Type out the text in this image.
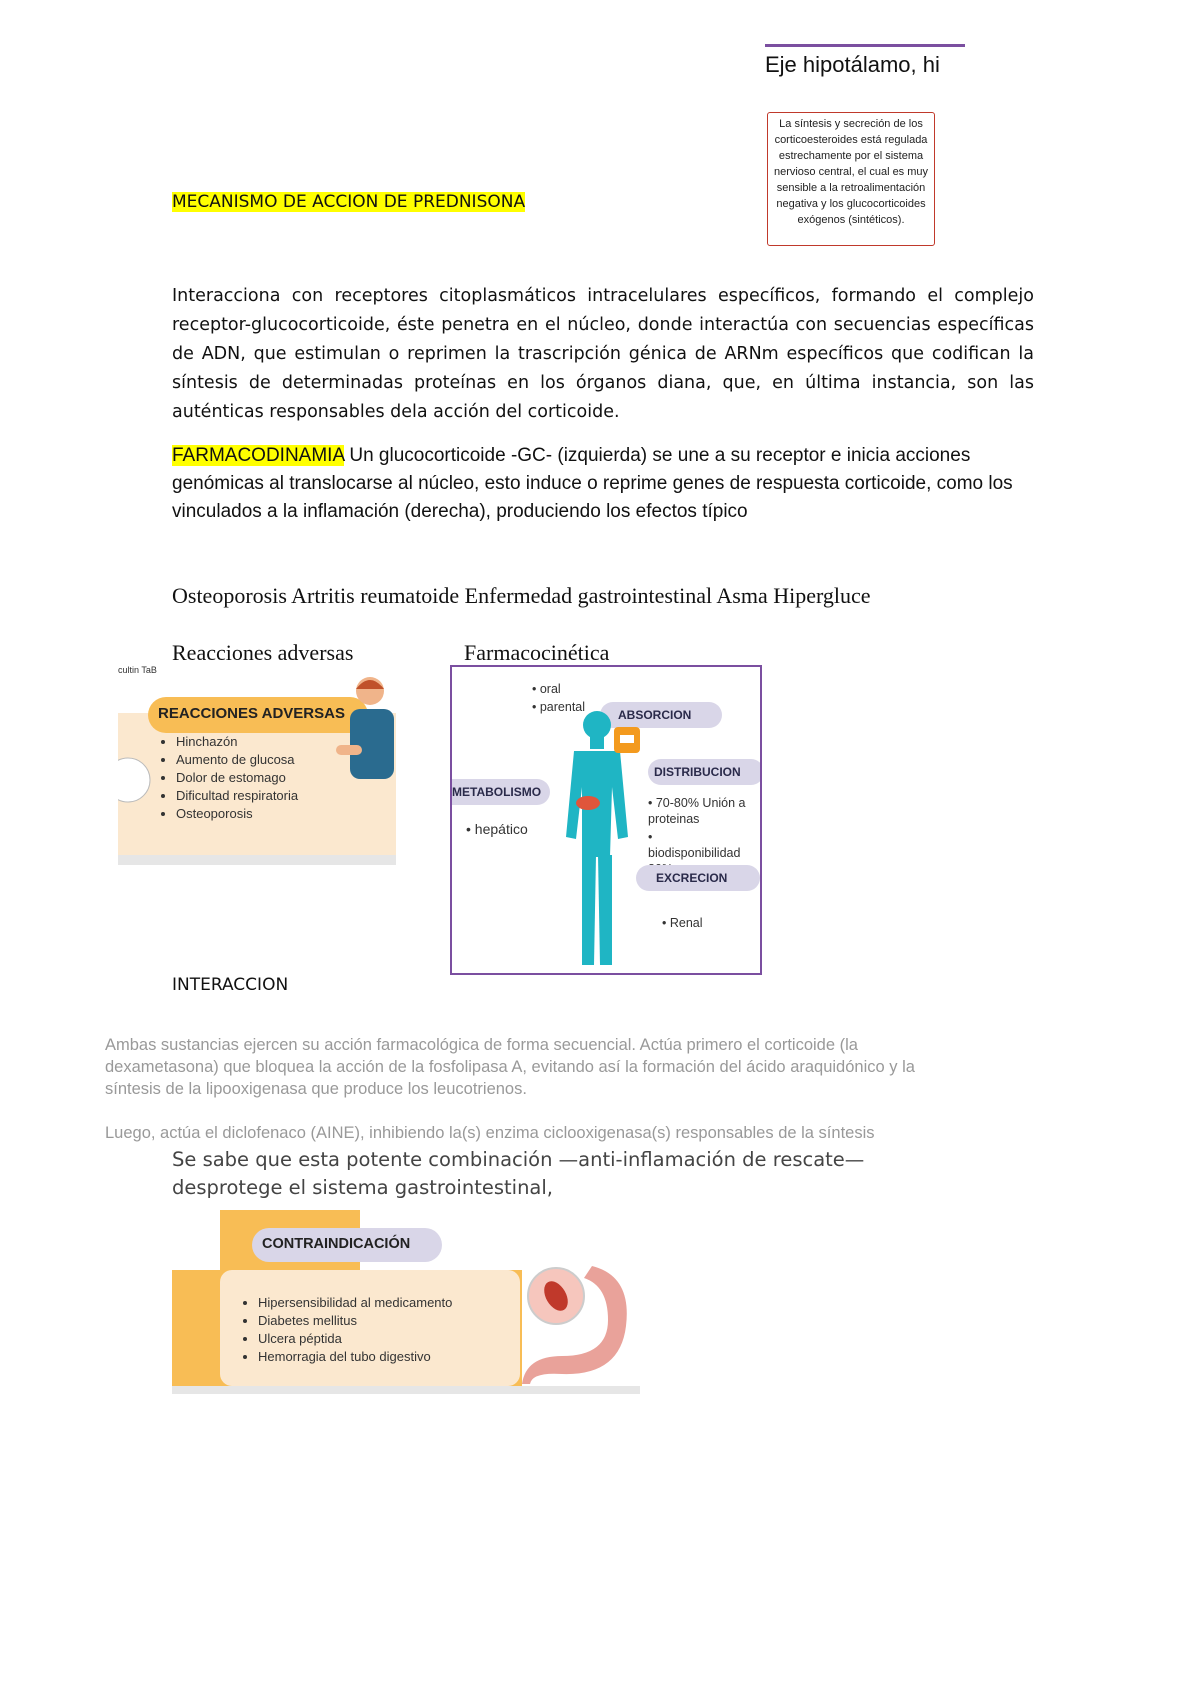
Eje hipotálamo, hi
La síntesis y secreción de los corticoesteroides está regulada estrechamente por el sistema nervioso central, el cual es muy sensible a la retroalimentación negativa y los glucocorticoides exógenos (sintéticos).
MECANISMO DE ACCION DE PREDNISONA
Interacciona con receptores citoplasmáticos intracelulares específicos, formando el complejo receptor-glucocorticoide, éste penetra en el núcleo, donde interactúa con secuencias específicas de ADN, que estimulan o reprimen la trascripción génica de ARNm específicos que codifican la síntesis de determinadas proteínas en los órganos diana, que, en última instancia, son las auténticas responsables dela acción del corticoide.
FARMACODINAMIA Un glucocorticoide -GC- (izquierda) se une a su receptor e inicia acciones genómicas al translocarse al núcleo, esto induce o reprime genes de respuesta corticoide, como los vinculados a la inflamación (derecha), produciendo los efectos típico
Osteoporosis Artritis reumatoide Enfermedad gastrointestinal Asma Hipergluce
Reacciones adversas	Farmacocinética
cultin TaB
REACCIONES ADVERSAS
• Hinchazón
• Aumento de glucosa
• Dolor de estomago
• Dificultad respiratoria
• Osteoporosis
• oral
• parental
ABSORCION
DISTRIBUCION
• 70-80% Unión a proteinas
• biodisponibilidad
METABOLISMO
• hepático
EXCRECION
• Renal
INTERACCION
Ambas sustancias ejercen su acción farmacológica de forma secuencial. Actúa primero el corticoide (la dexametasona) que bloquea la acción de la fosfolipasa A, evitando así la formación del ácido araquidónico y la síntesis de la lipooxigenasa que produce los leucotrienos.
Luego, actúa el diclofenaco (AINE), inhibiendo la(s) enzima ciclooxigenasa(s) responsables de la síntesis
Se sabe que esta potente combinación —anti-inflamación de rescate— desprotege el sistema gastrointestinal,
CONTRAINDICACIÓN
• Hipersensibilidad al medicamento
• Diabetes mellitus
• Ulcera péptida
• Hemorragia del tubo digestivo
